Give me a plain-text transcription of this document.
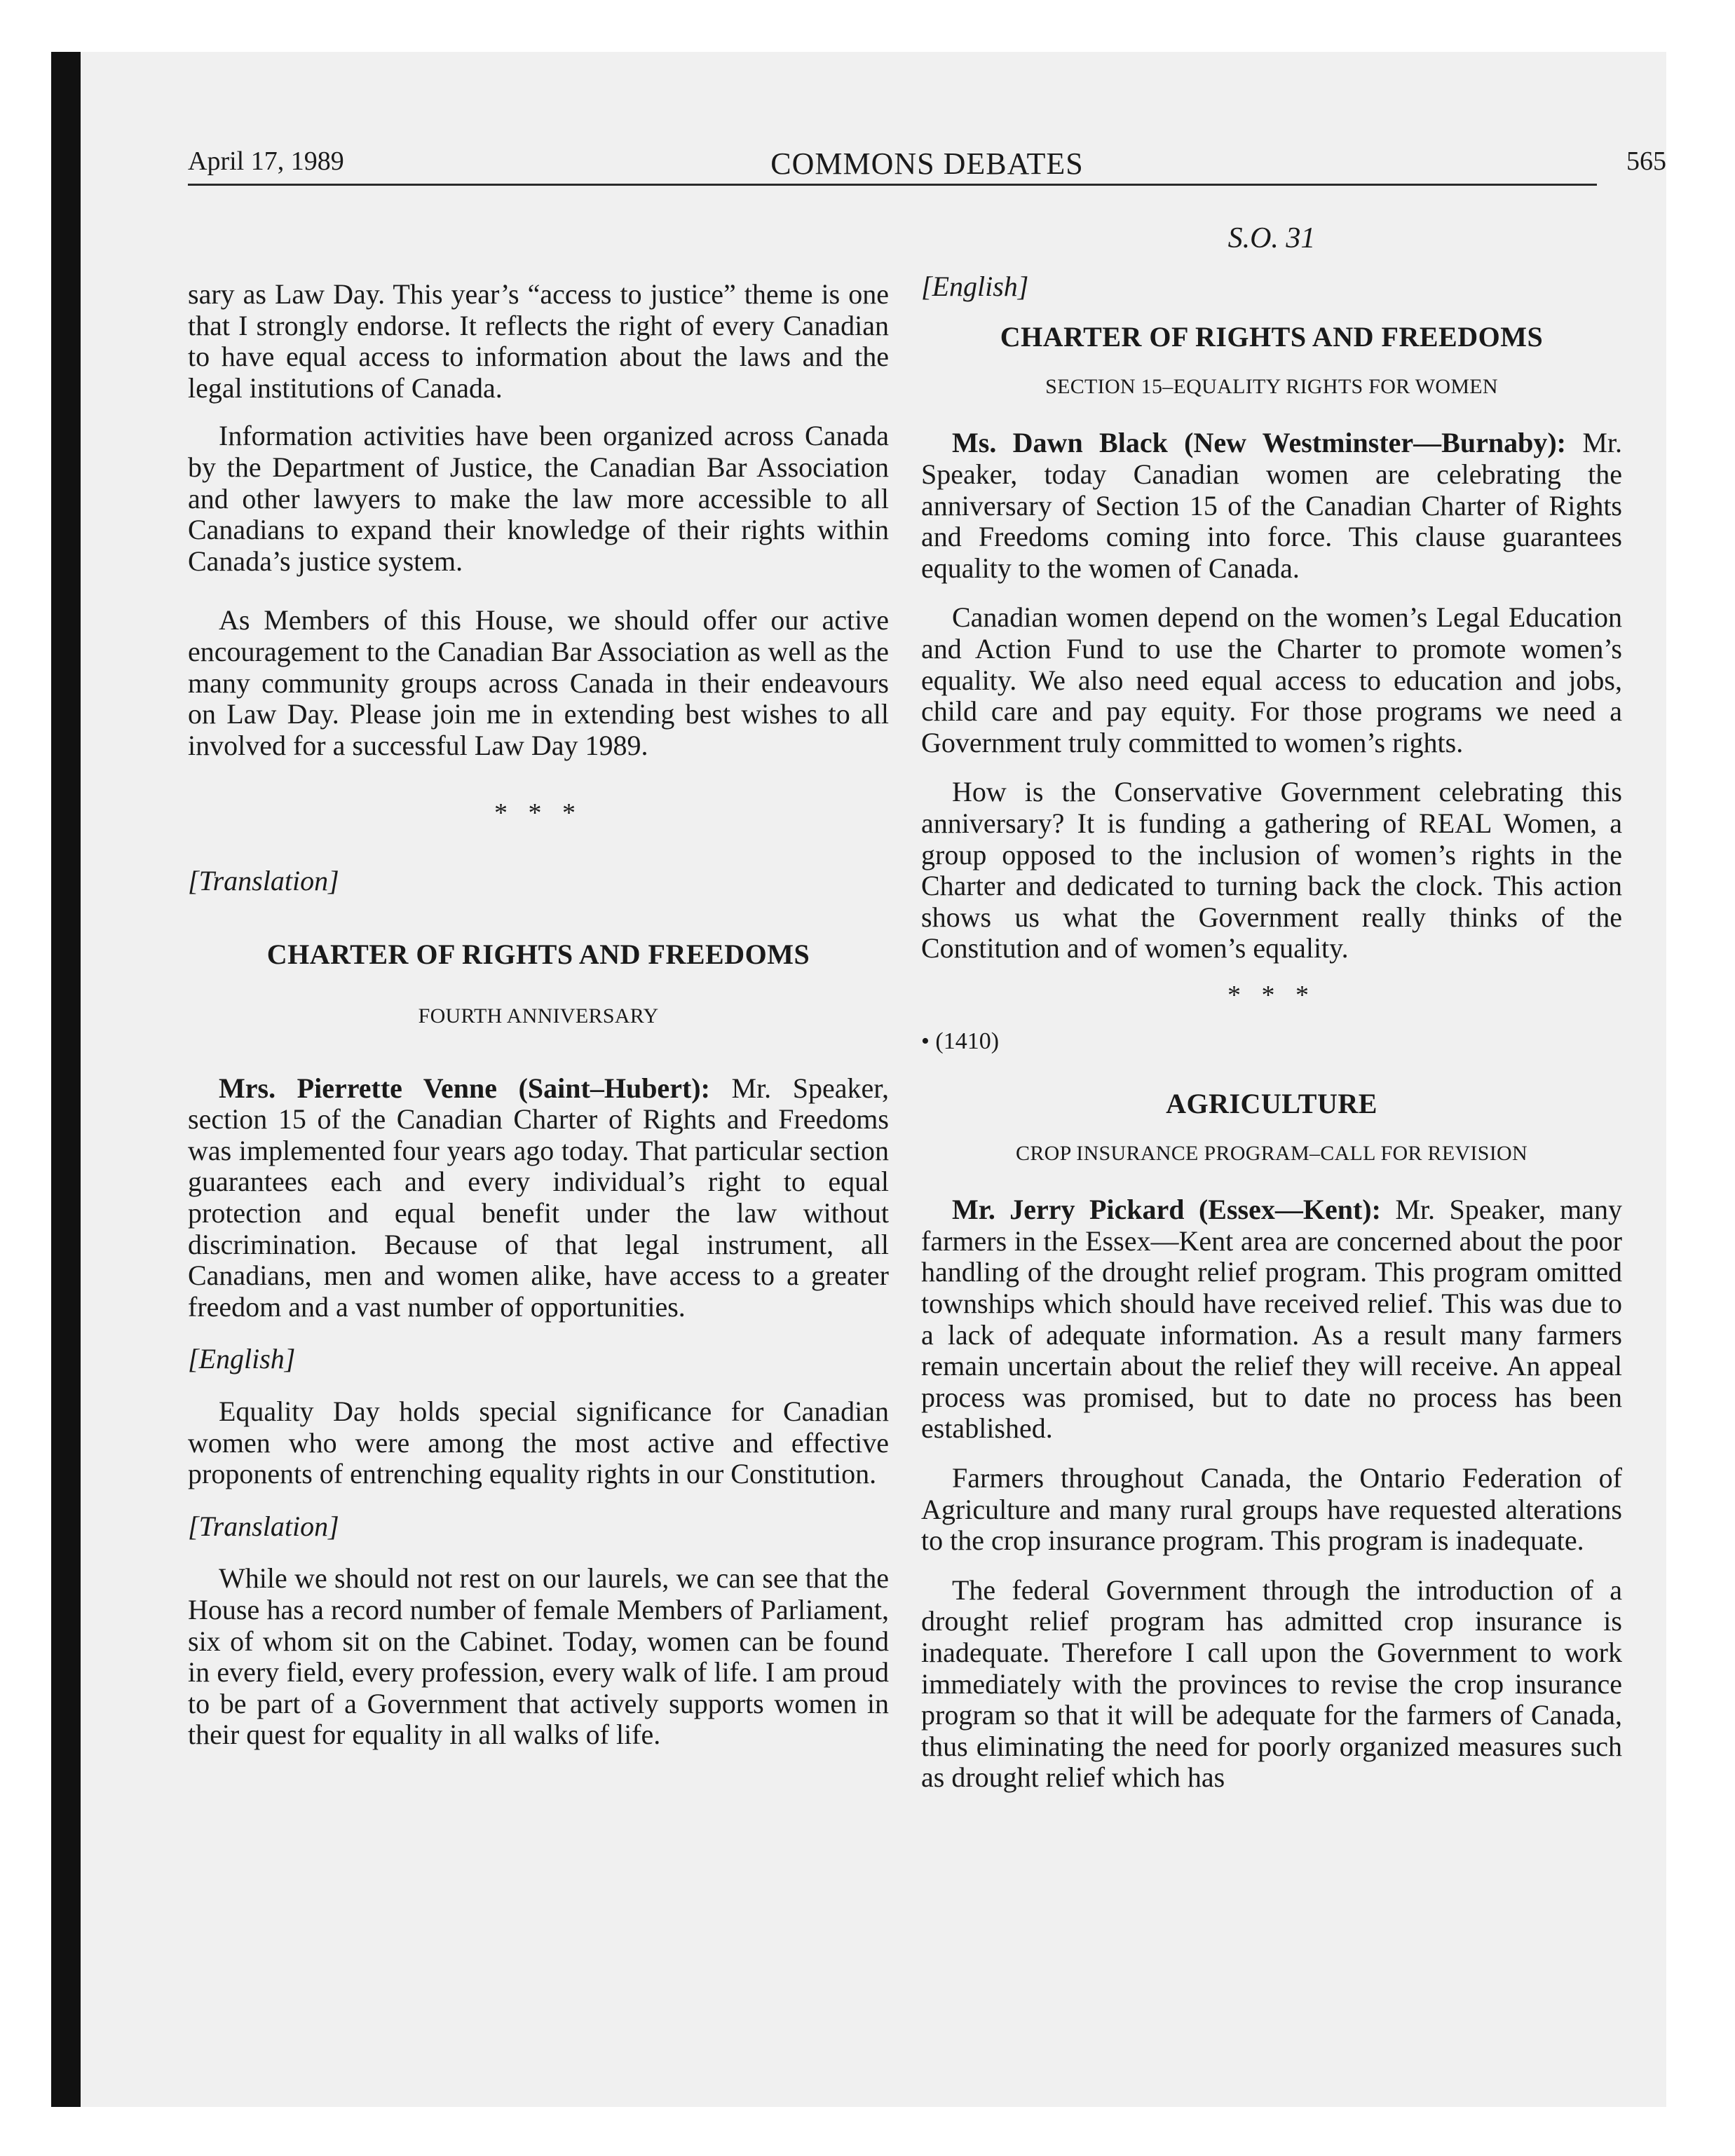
April 17, 1989	COMMONS DEBATES	565

sary as Law Day. This year’s “access to justice” theme is one that I strongly endorse. It reflects the right of every Canadian to have equal access to information about the laws and the legal institutions of Canada.

Information activities have been organized across Canada by the Department of Justice, the Canadian Bar Association and other lawyers to make the law more accessible to all Canadians to expand their knowledge of their rights within Canada’s justice system.

As Members of this House, we should offer our active encouragement to the Canadian Bar Association as well as the many community groups across Canada in their endeavours on Law Day. Please join me in extending best wishes to all involved for a successful Law Day 1989.

* * *

[Translation]

CHARTER OF RIGHTS AND FREEDOMS
FOURTH ANNIVERSARY

Mrs. Pierrette Venne (Saint–Hubert): Mr. Speaker, section 15 of the Canadian Charter of Rights and Freedoms was implemented four years ago today. That particular section guarantees each and every individual’s right to equal protection and equal benefit under the law without discrimination. Because of that legal instrument, all Canadians, men and women alike, have access to a greater freedom and a vast number of opportunities.

[English]

Equality Day holds special significance for Canadian women who were among the most active and effective proponents of entrenching equality rights in our Constitution.

[Translation]

While we should not rest on our laurels, we can see that the House has a record number of female Members of Parliament, six of whom sit on the Cabinet. Today, women can be found in every field, every profession, every walk of life. I am proud to be part of a Government that actively supports women in their quest for equality in all walks of life.

S.O. 31

[English]

CHARTER OF RIGHTS AND FREEDOMS
SECTION 15–EQUALITY RIGHTS FOR WOMEN

Ms. Dawn Black (New Westminster—Burnaby): Mr. Speaker, today Canadian women are celebrating the anniversary of Section 15 of the Canadian Charter of Rights and Freedoms coming into force. This clause guarantees equality to the women of Canada.

Canadian women depend on the women’s Legal Education and Action Fund to use the Charter to promote women’s equality. We also need equal access to education and jobs, child care and pay equity. For those programs we need a Government truly committed to women’s rights.

How is the Conservative Government celebrating this anniversary? It is funding a gathering of REAL Women, a group opposed to the inclusion of women’s rights in the Charter and dedicated to turning back the clock. This action shows us what the Government really thinks of the Constitution and of women’s equality.

* * *
• (1410)
AGRICULTURE
CROP INSURANCE PROGRAM–CALL FOR REVISION

Mr. Jerry Pickard (Essex—Kent): Mr. Speaker, many farmers in the Essex—Kent area are concerned about the poor handling of the drought relief program. This program omitted townships which should have received relief. This was due to a lack of adequate information. As a result many farmers remain uncertain about the relief they will receive. An appeal process was promised, but to date no process has been established.

Farmers throughout Canada, the Ontario Federation of Agriculture and many rural groups have requested alterations to the crop insurance program. This program is inadequate.

The federal Government through the introduction of a drought relief program has admitted crop insurance is inadequate. Therefore I call upon the Government to work immediately with the provinces to revise the crop insurance program so that it will be adequate for the farmers of Canada, thus eliminating the need for poorly organized measures such as drought relief which has
